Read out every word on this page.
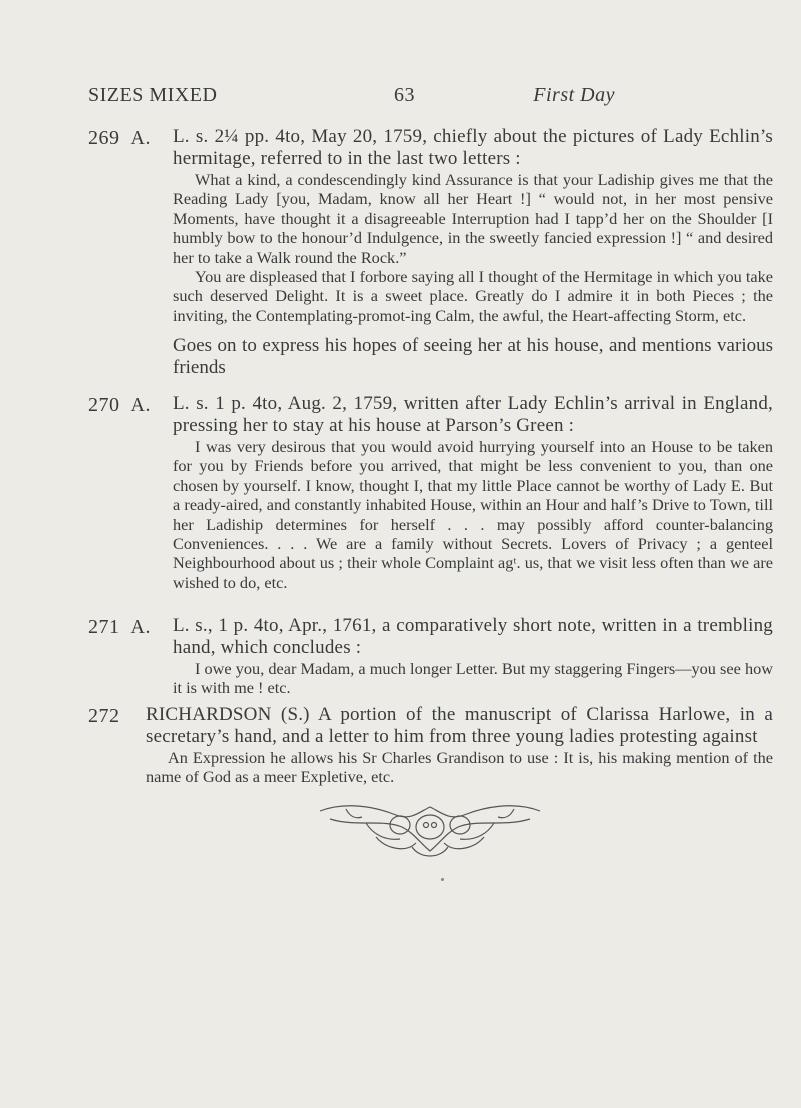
SIZES MIXED	63	First Day
269 A. L. s. 2¼ pp. 4to, May 20, 1759, chiefly about the pictures of Lady Echlin’s hermitage, referred to in the last two letters :

What a kind, a condescendingly kind Assurance is that your Ladiship gives me that the Reading Lady [you, Madam, know all her Heart !] “ would not, in her most pensive Moments, have thought it a disagreeable Interruption had I tapp’d her on the Shoulder [I humbly bow to the honour’d Indulgence, in the sweetly fancied expression !] “ and desired her to take a Walk round the Rock.”

You are displeased that I forbore saying all I thought of the Hermitage in which you take such deserved Delight. It is a sweet place. Greatly do I admire it in both Pieces ; the inviting, the Contemplating-promot-ing Calm, the awful, the Heart-affecting Storm, etc.

Goes on to express his hopes of seeing her at his house, and mentions various friends
270 A. L. s. 1 p. 4to, Aug. 2, 1759, written after Lady Echlin’s arrival in England, pressing her to stay at his house at Parson’s Green :

I was very desirous that you would avoid hurrying yourself into an House to be taken for you by Friends before you arrived, that might be less convenient to you, than one chosen by yourself. I know, thought I, that my little Place cannot be worthy of Lady E. But a ready-aired, and constantly inhabited House, within an Hour and half’s Drive to Town, till her Ladiship determines for herself . . . may possibly afford counter-balancing Conveniences. . . . We are a family without Secrets. Lovers of Privacy ; a genteel Neighbourhood about us ; their whole Complaint agᵗ. us, that we visit less often than we are wished to do, etc.

271 A. L. s., 1 p. 4to, Apr., 1761, a comparatively short note, written in a trembling hand, which concludes :

I owe you, dear Madam, a much longer Letter. But my staggering Fingers—you see how it is with me ! etc.

272 RICHARDSON (S.) A portion of the manuscript of Clarissa Harlowe, in a secretary’s hand, and a letter to him from three young ladies protesting against

An Expression he allows his Sr Charles Grandison to use : It is, his making mention of the name of God as a meer Expletive, etc.
